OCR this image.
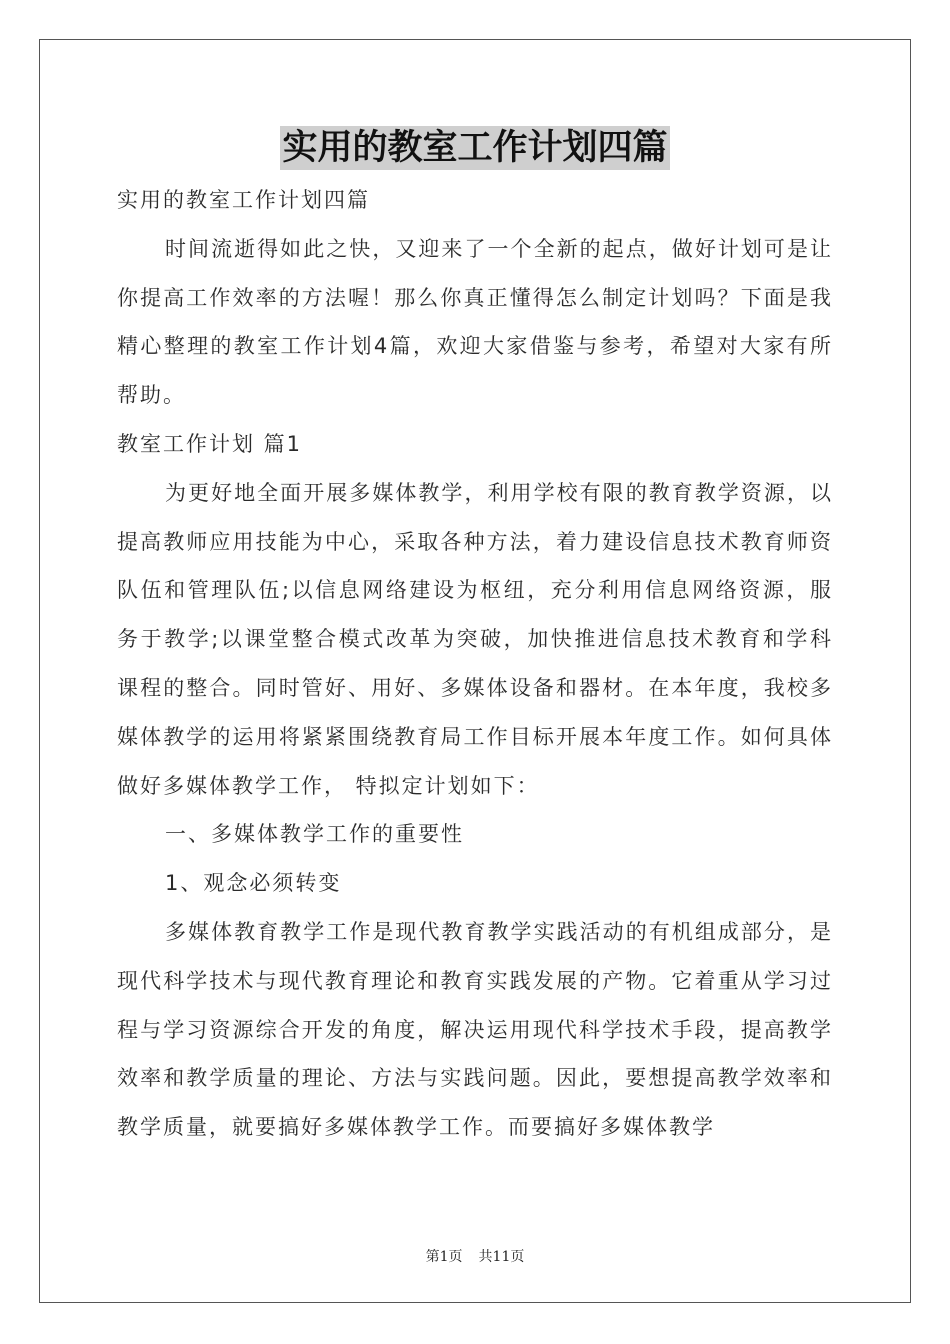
实用的教室工作计划四篇

实用的教室工作计划四篇

时间流逝得如此之快，又迎来了一个全新的起点，做好计划可是让你提高工作效率的方法喔！那么你真正懂得怎么制定计划吗？下面是我精心整理的教室工作计划4篇，欢迎大家借鉴与参考，希望对大家有所帮助。

教室工作计划 篇1

为更好地全面开展多媒体教学，利用学校有限的教育教学资源，以提高教师应用技能为中心，采取各种方法，着力建设信息技术教育师资队伍和管理队伍;以信息网络建设为枢纽，充分利用信息网络资源，服务于教学;以课堂整合模式改革为突破，加快推进信息技术教育和学科课程的整合。同时管好、用好、多媒体设备和器材。在本年度，我校多媒体教学的运用将紧紧围绕教育局工作目标开展本年度工作。如何具体做好多媒体教学工作， 特拟定计划如下：

一、多媒体教学工作的重要性

1、观念必须转变

多媒体教育教学工作是现代教育教学实践活动的有机组成部分，是现代科学技术与现代教育理论和教育实践发展的产物。它着重从学习过程与学习资源综合开发的角度，解决运用现代科学技术手段，提高教学效率和教学质量的理论、方法与实践问题。因此，要想提高教学效率和教学质量，就要搞好多媒体教学工作。而要搞好多媒体教学

第1页 共11页
